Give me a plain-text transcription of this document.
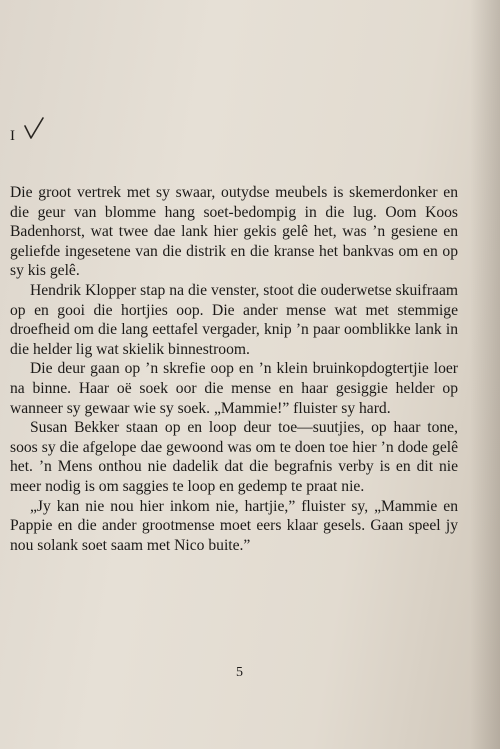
I

Die groot vertrek met sy swaar, outydse meubels is skemerdonker en die geur van blomme hang soet-bedompig in die lug. Oom Koos Badenhorst, wat twee dae lank hier gekis gelê het, was ’n gesiene en geliefde ingesetene van die distrik en die kranse het bankvas om en op sy kis gelê.

Hendrik Klopper stap na die venster, stoot die ouderwetse skuifraam op en gooi die hortjies oop. Die ander mense wat met stemmige droefheid om die lang eettafel vergader, knip ’n paar oomblikke lank in die helder lig wat skielik binnestroom.

Die deur gaan op ’n skrefie oop en ’n klein bruinkopdogtertjie loer na binne. Haar oë soek oor die mense en haar gesiggie helder op wanneer sy gewaar wie sy soek. „Mammie!” fluister sy hard.

Susan Bekker staan op en loop deur toe—suutjies, op haar tone, soos sy die afgelope dae gewoond was om te doen toe hier ’n dode gelê het. ’n Mens onthou nie dadelik dat die begrafnis verby is en dit nie meer nodig is om saggies te loop en gedemp te praat nie.

„Jy kan nie nou hier inkom nie, hartjie,” fluister sy, „Mammie en Pappie en die ander grootmense moet eers klaar gesels. Gaan speel jy nou solank soet saam met Nico buite.”

5
